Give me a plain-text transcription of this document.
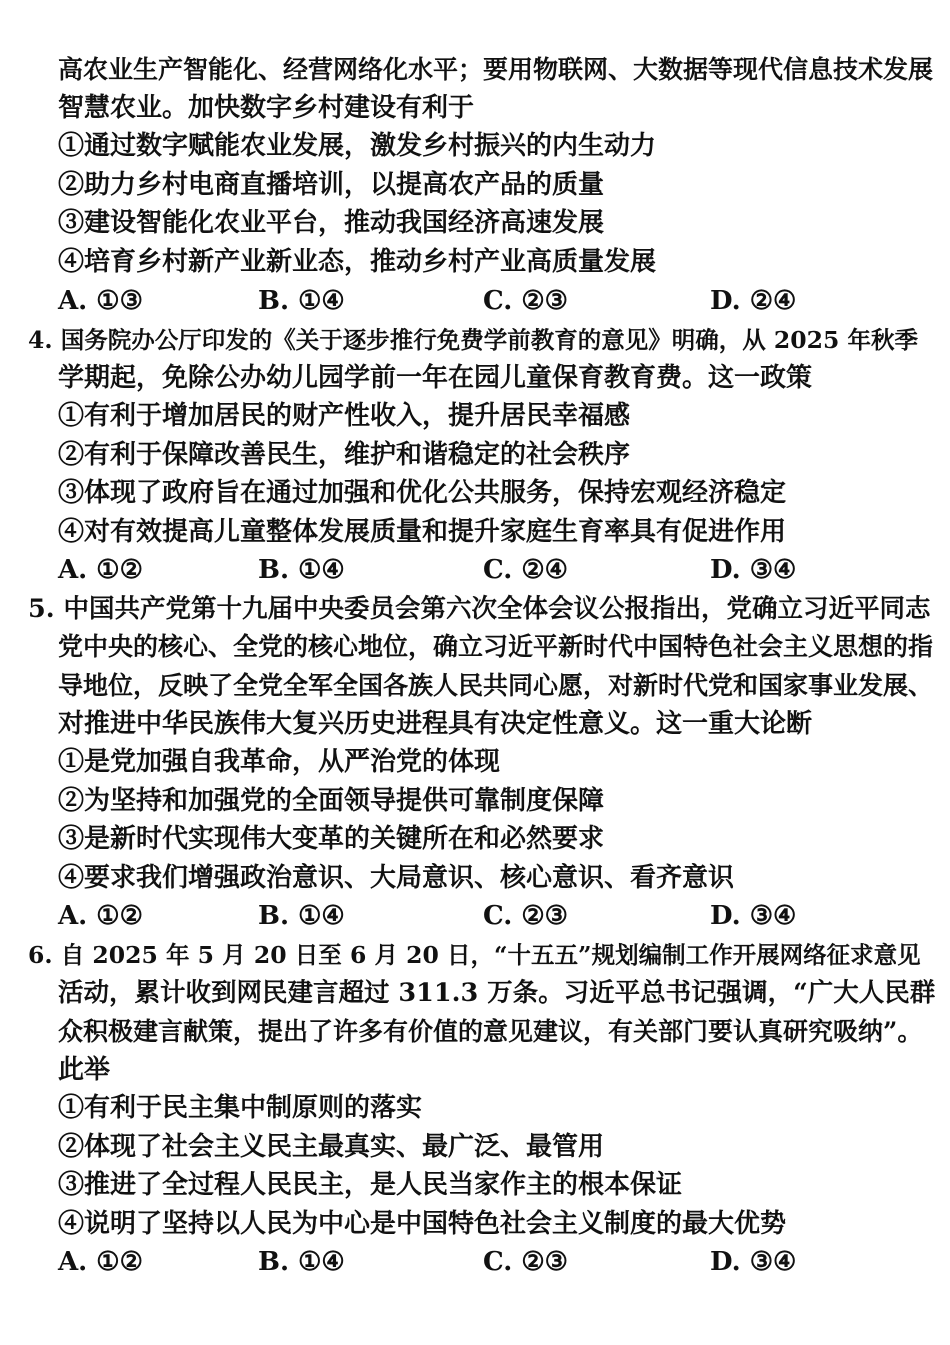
高农业生产智能化、经营网络化水平；要用物联网、大数据等现代信息技术发展
智慧农业。加快数字乡村建设有利于
①通过数字赋能农业发展，激发乡村振兴的内生动力
②助力乡村电商直播培训，以提高农产品的质量
③建设智能化农业平台，推动我国经济高速发展
④培育乡村新产业新业态，推动乡村产业高质量发展
A. ①③	B. ①④	C. ②③	D. ②④
4. 国务院办公厅印发的《关于逐步推行免费学前教育的意见》明确，从 2025 年秋季
学期起，免除公办幼儿园学前一年在园儿童保育教育费。这一政策
①有利于增加居民的财产性收入，提升居民幸福感
②有利于保障改善民生，维护和谐稳定的社会秩序
③体现了政府旨在通过加强和优化公共服务，保持宏观经济稳定
④对有效提高儿童整体发展质量和提升家庭生育率具有促进作用
A. ①②	B. ①④	C. ②④	D. ③④
5. 中国共产党第十九届中央委员会第六次全体会议公报指出，党确立习近平同志
党中央的核心、全党的核心地位，确立习近平新时代中国特色社会主义思想的指
导地位，反映了全党全军全国各族人民共同心愿，对新时代党和国家事业发展、
对推进中华民族伟大复兴历史进程具有决定性意义。这一重大论断
①是党加强自我革命，从严治党的体现
②为坚持和加强党的全面领导提供可靠制度保障
③是新时代实现伟大变革的关键所在和必然要求
④要求我们增强政治意识、大局意识、核心意识、看齐意识
A. ①②	B. ①④	C. ②③	D. ③④
6. 自 2025 年 5 月 20 日至 6 月 20 日，“十五五”规划编制工作开展网络征求意见
活动，累计收到网民建言超过 311.3 万条。习近平总书记强调，“广大人民群
众积极建言献策，提出了许多有价值的意见建议，有关部门要认真研究吸纳”。
此举
①有利于民主集中制原则的落实
②体现了社会主义民主最真实、最广泛、最管用
③推进了全过程人民民主，是人民当家作主的根本保证
④说明了坚持以人民为中心是中国特色社会主义制度的最大优势
A. ①②	B. ①④	C. ②③	D. ③④
